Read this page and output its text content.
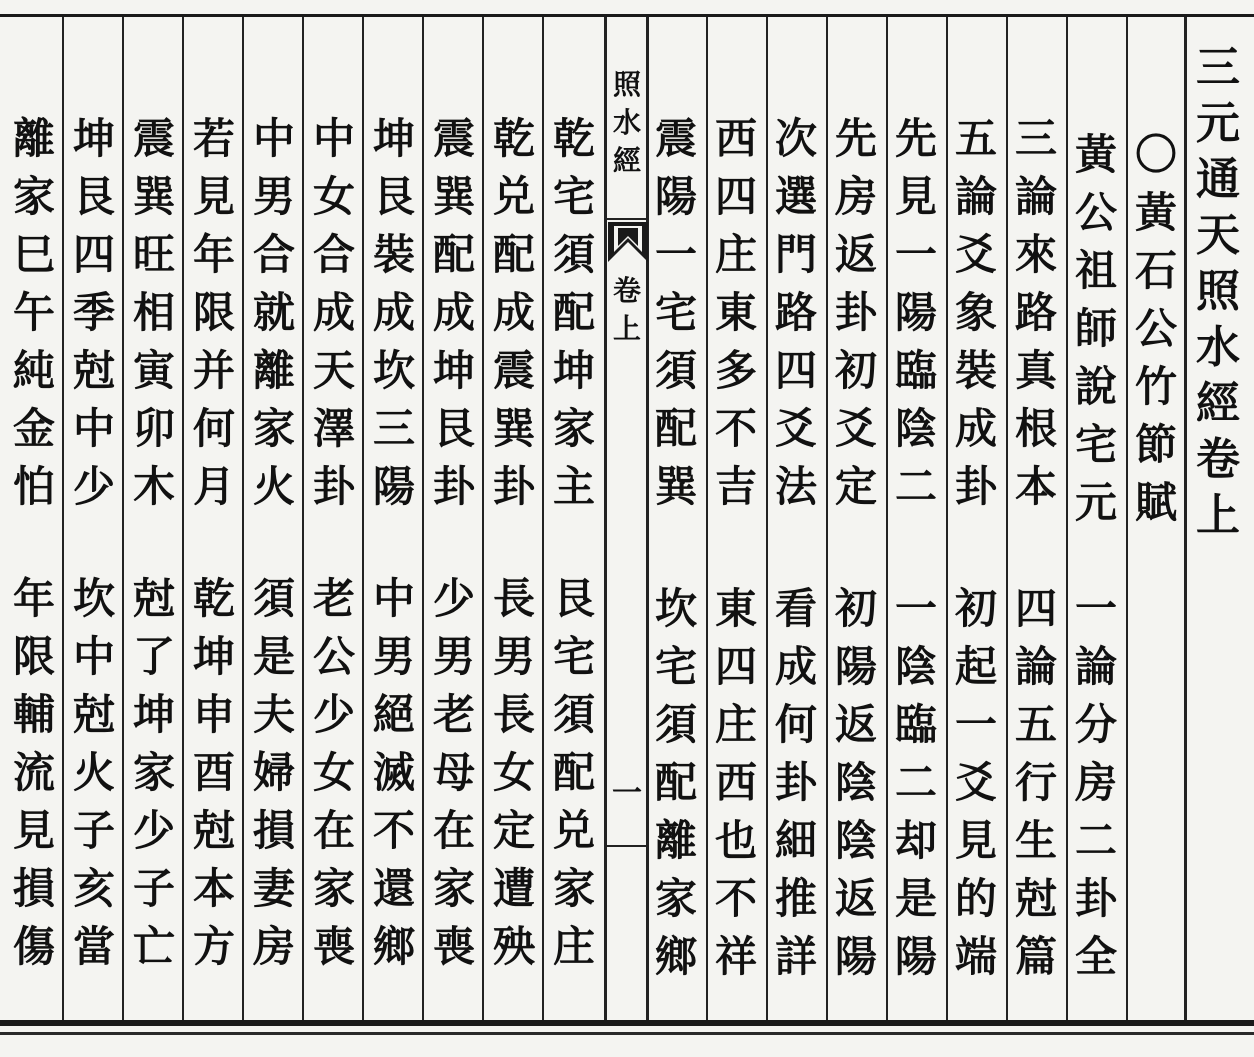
照
水
經
卷
上
一
三
元
通
天
照
水
經
卷
上
〇
黃
石
公
竹
節
賦
黃
公
祖
師
說
宅
元
一
論
分
房
二
卦
全
三
論
來
路
真
根
本
四
論
五
行
生
尅
篇
五
論
爻
象
裝
成
卦
初
起
一
爻
見
的
端
先
見
一
陽
臨
陰
二
一
陰
臨
二
却
是
陽
先
房
返
卦
初
爻
定
初
陽
返
陰
陰
返
陽
次
選
門
路
四
爻
法
看
成
何
卦
細
推
詳
西
四
庄
東
多
不
吉
東
四
庄
西
也
不
祥
震
陽
一
宅
須
配
巽
坎
宅
須
配
離
家
鄉
乾
宅
須
配
坤
家
主
艮
宅
須
配
兑
家
庄
乾
兑
配
成
震
巽
卦
長
男
長
女
定
遭
殃
震
巽
配
成
坤
艮
卦
少
男
老
母
在
家
喪
坤
艮
裝
成
坎
三
陽
中
男
絕
滅
不
還
鄉
中
女
合
成
天
澤
卦
老
公
少
女
在
家
喪
中
男
合
就
離
家
火
須
是
夫
婦
損
妻
房
若
見
年
限
并
何
月
乾
坤
申
酉
尅
本
方
震
巽
旺
相
寅
卯
木
尅
了
坤
家
少
子
亡
坤
艮
四
季
尅
中
少
坎
中
尅
火
子
亥
當
離
家
巳
午
純
金
怕
年
限
輔
流
見
損
傷
